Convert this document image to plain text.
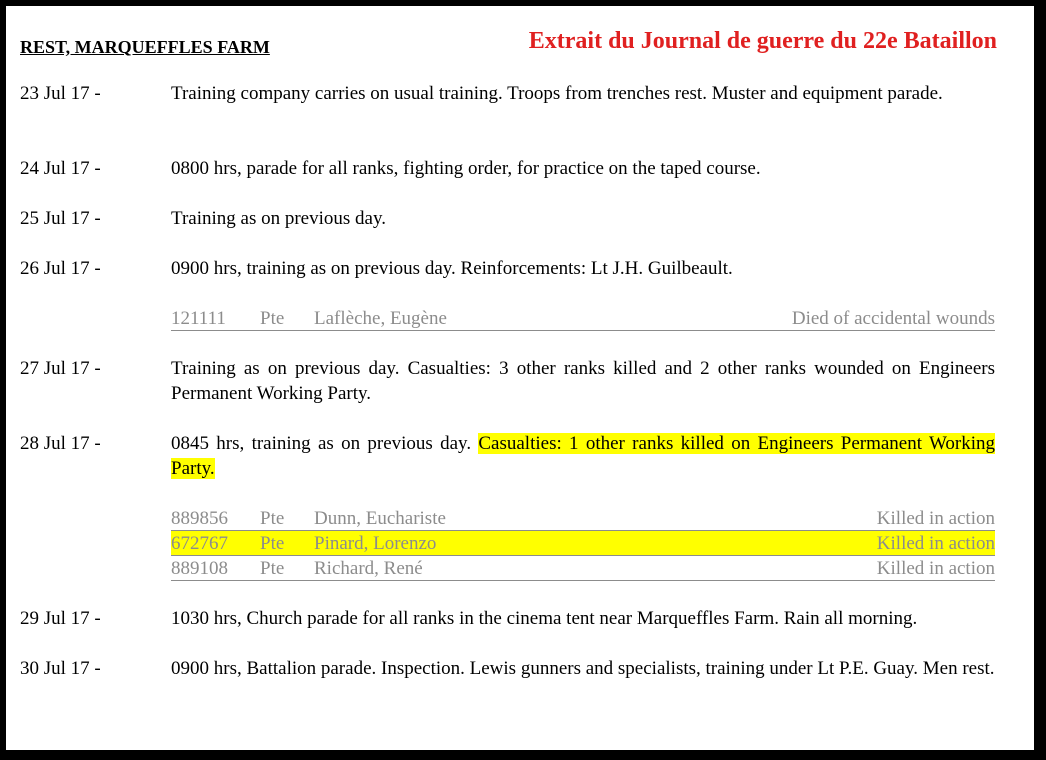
REST, MARQUEFFLES FARM	Extrait du Journal de guerre du 22e Bataillon
23 Jul 17 -	Training company carries on usual training. Troops from trenches rest. Muster and equipment parade.
24 Jul 17 -	0800 hrs, parade for all ranks, fighting order, for practice on the taped course.
25 Jul 17 -	Training as on previous day.
26 Jul 17 -	0900 hrs, training as on previous day. Reinforcements: Lt J.H. Guilbeault.
121111 Pte Laflèche, Eugène	Died of accidental wounds
27 Jul 17 -	Training as on previous day. Casualties: 3 other ranks killed and 2 other ranks wounded on Engineers Permanent Working Party.
28 Jul 17 -	0845 hrs, training as on previous day. Casualties: 1 other ranks killed on Engineers Permanent Working Party.
889856 Pte Dunn, Eucharistе	Killed in action
672767 Pte Pinard, Lorenzo	Killed in action
889108 Pte Richard, René	Killed in action
29 Jul 17 -	1030 hrs, Church parade for all ranks in the cinema tent near Marqueffles Farm. Rain all morning.
30 Jul 17 -	0900 hrs, Battalion parade. Inspection. Lewis gunners and specialists, training under Lt P.E. Guay. Men rest.
